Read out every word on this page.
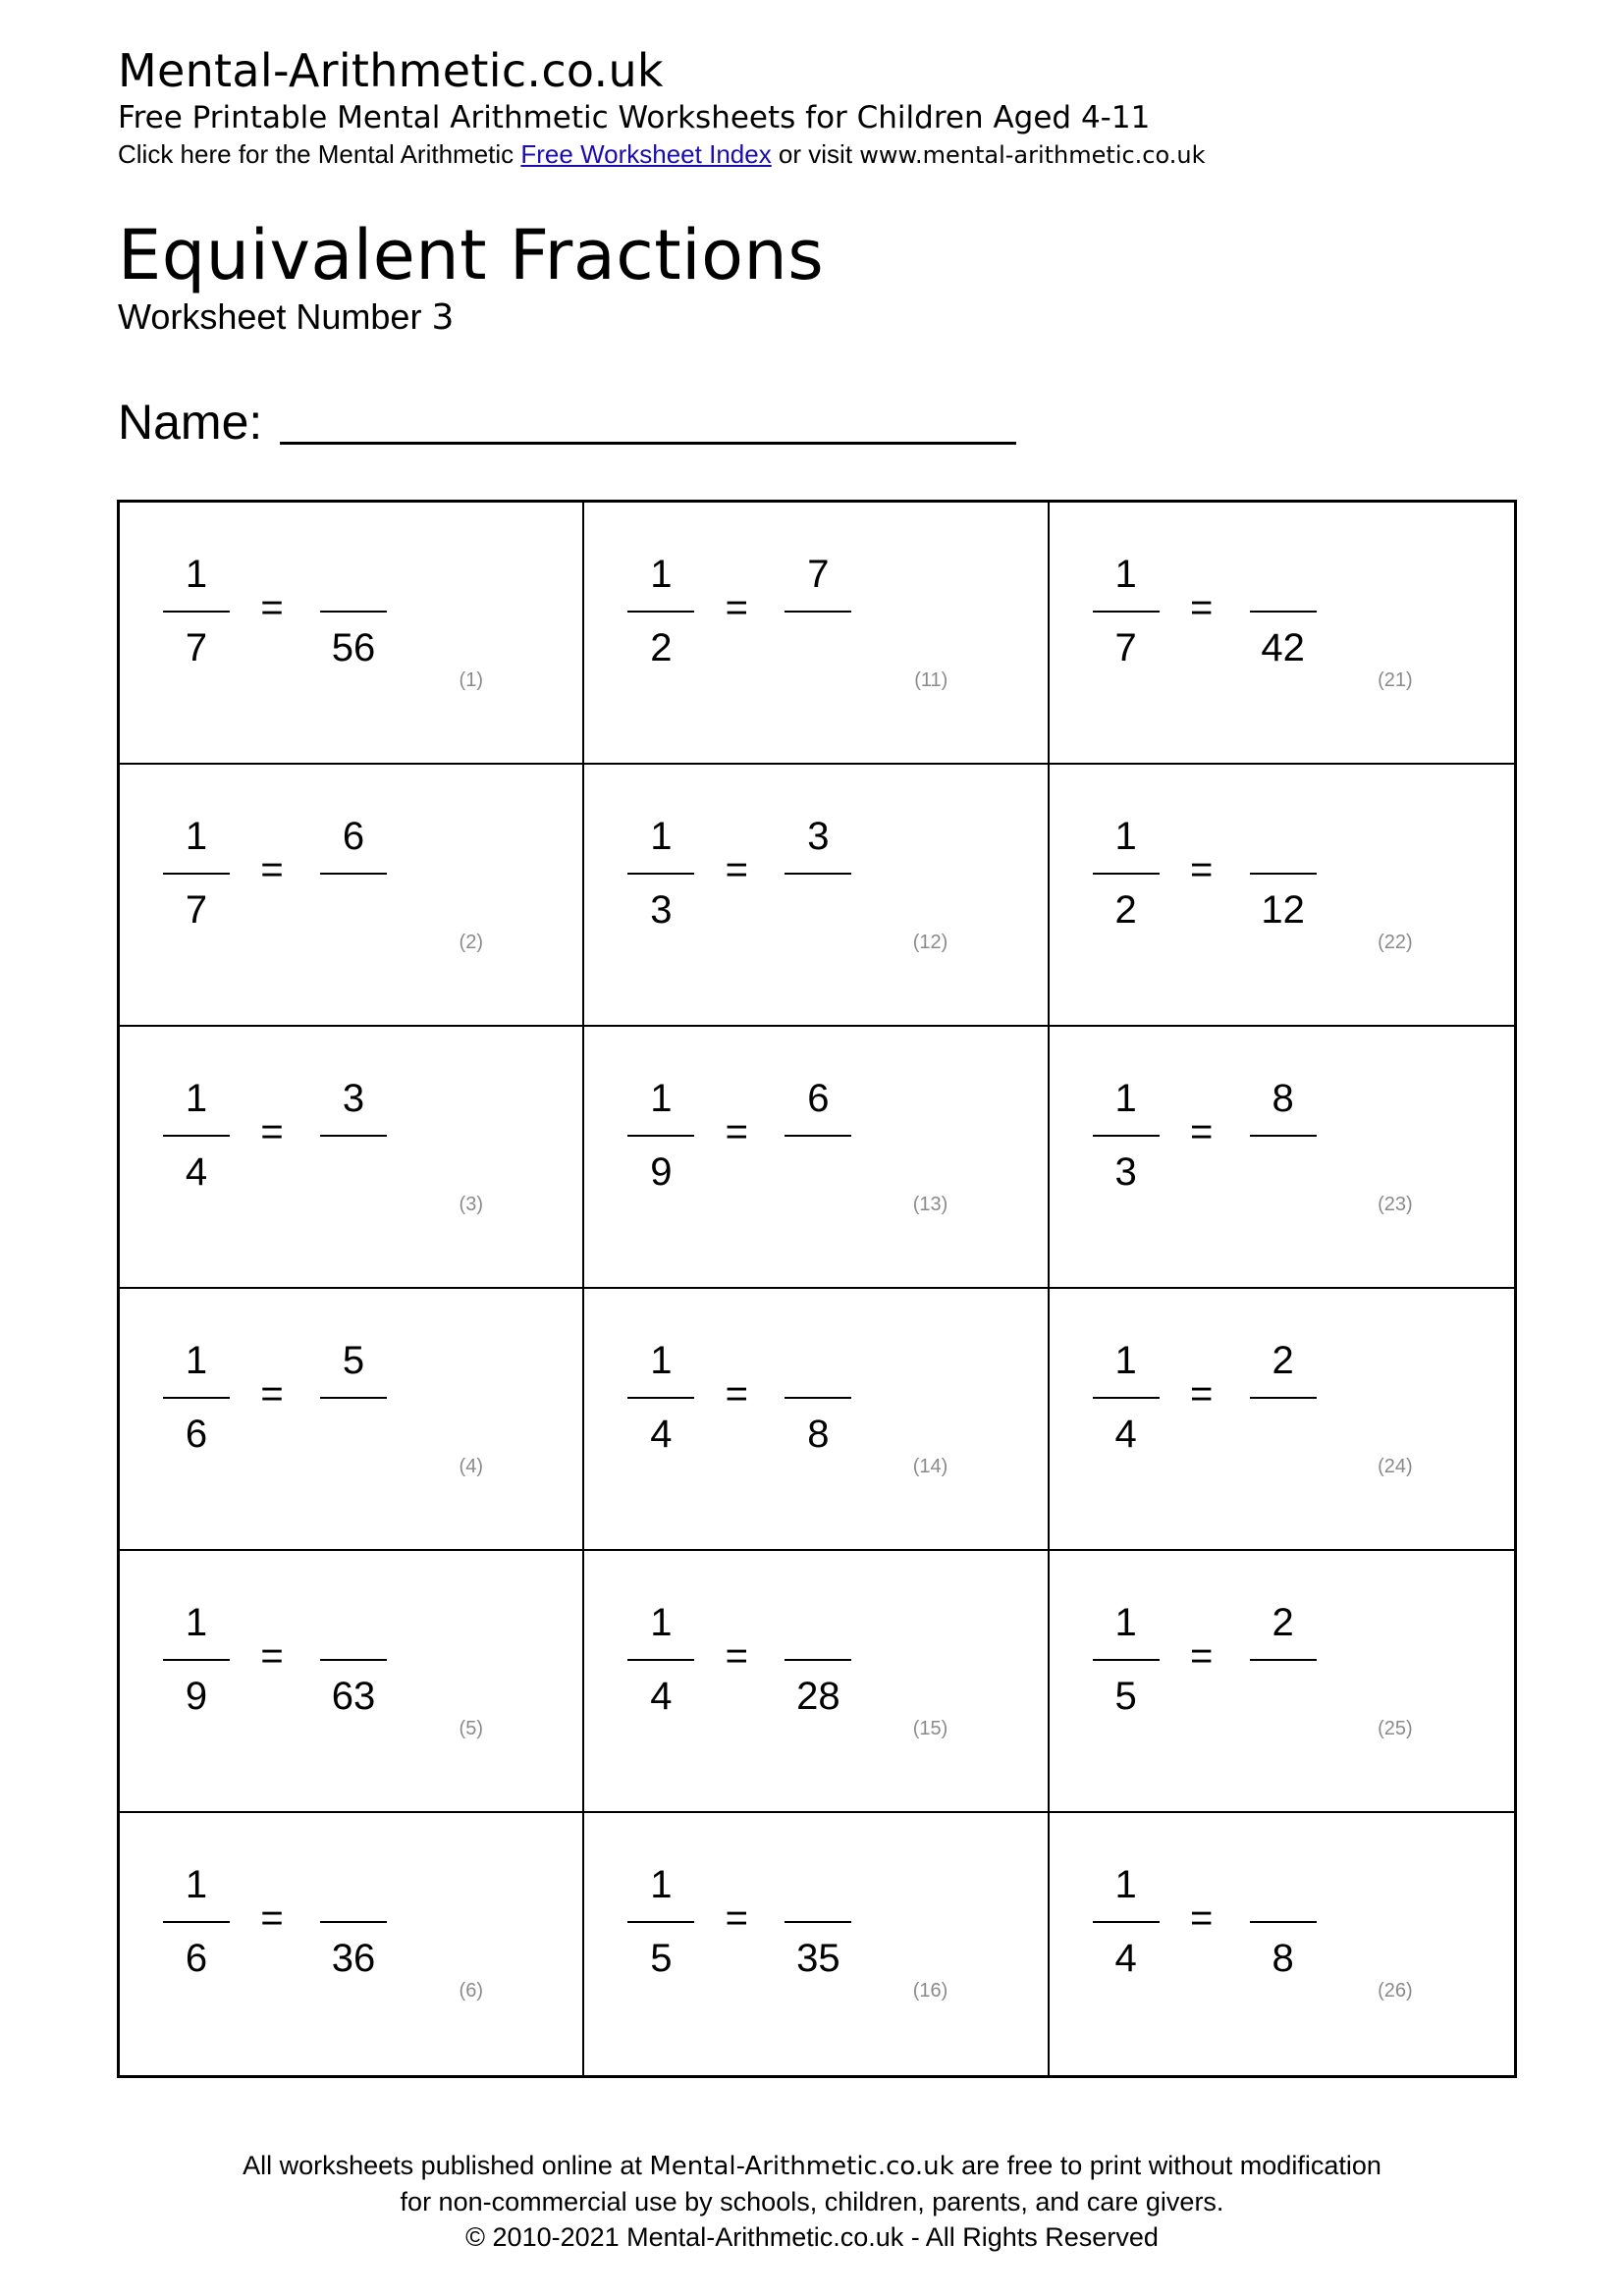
Mental-Arithmetic.co.uk
Free Printable Mental Arithmetic Worksheets for Children Aged 4-11
Click here for the Mental Arithmetic Free Worksheet Index or visit www.mental-arithmetic.co.uk
Equivalent Fractions
Worksheet Number 3
Name:
1
7
=
56
(1)
1
2
=
7
(11)
1
7
=
42
(21)
1
7
=
6
(2)
1
3
=
3
(12)
1
2
=
12
(22)
1
4
=
3
(3)
1
9
=
6
(13)
1
3
=
8
(23)
1
6
=
5
(4)
1
4
=
8
(14)
1
4
=
2
(24)
1
9
=
63
(5)
1
4
=
28
(15)
1
5
=
2
(25)
1
6
=
36
(6)
1
5
=
35
(16)
1
4
=
8
(26)
All worksheets published online at Mental-Arithmetic.co.uk are free to print without modification
for non-commercial use by schools, children, parents, and care givers.
© 2010-2021 Mental-Arithmetic.co.uk - All Rights Reserved
